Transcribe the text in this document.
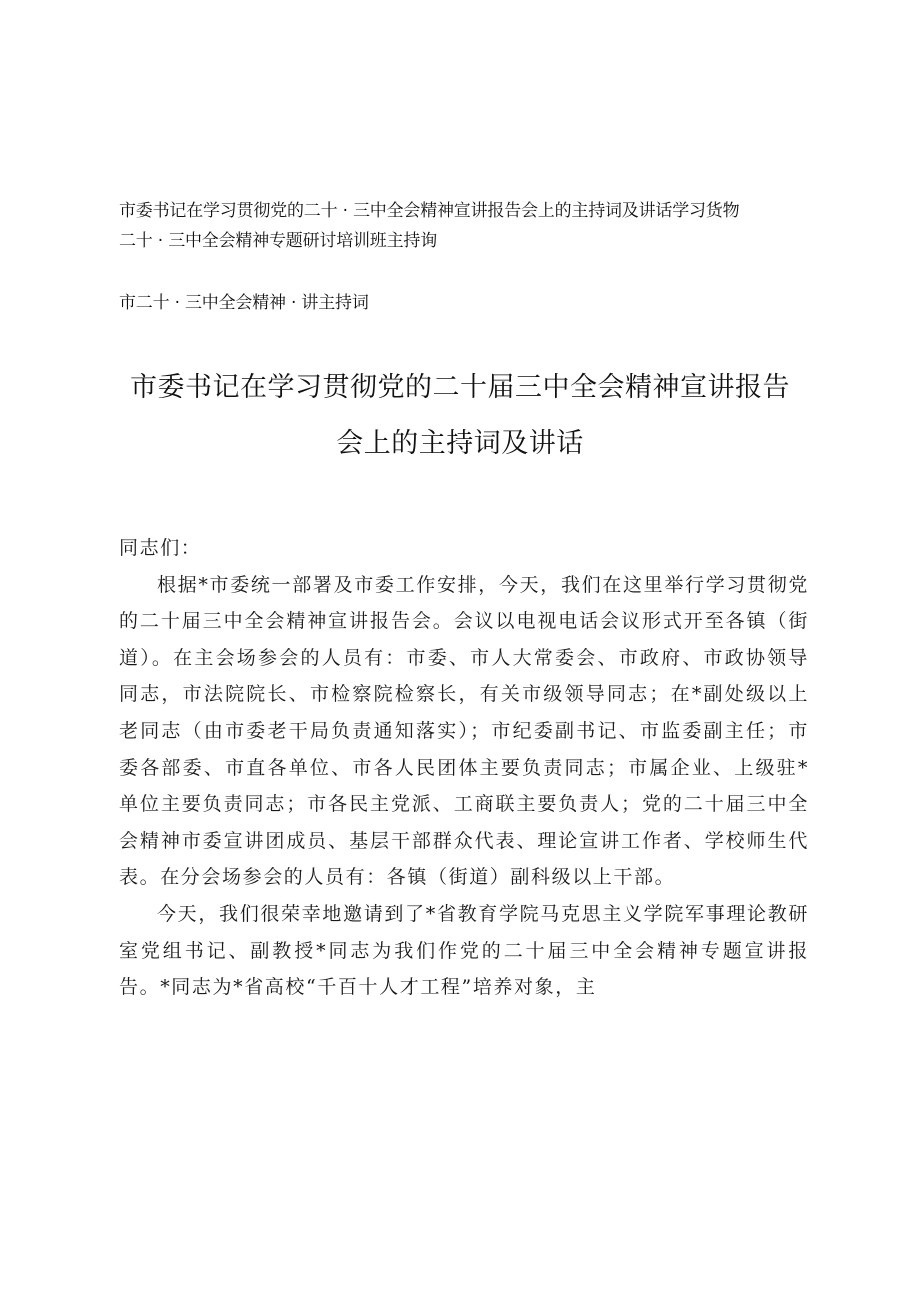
市委书记在学习贯彻党的二十 · 三中全会精神宣讲报告会上的主持词及讲话学习货物
二十 · 三中全会精神专题研讨培训班主持询
市二十 · 三中全会精神 · 讲主持词
市委书记在学习贯彻党的二十届三中全会精神宣讲报告
会上的主持词及讲话

同志们：

根据*市委统一部署及市委工作安排，今天，我们在这里举行学习贯彻党的二十届三中全会精神宣讲报告会。会议以电视电话会议形式开至各镇（街道）。在主会场参会的人员有：市委、市人大常委会、市政府、市政协领导同志，市法院院长、市检察院检察长，有关市级领导同志；在*副处级以上老同志（由市委老干局负责通知落实）；市纪委副书记、市监委副主任；市委各部委、市直各单位、市各人民团体主要负责同志；市属企业、上级驻*单位主要负责同志；市各民主党派、工商联主要负责人；党的二十届三中全会精神市委宣讲团成员、基层干部群众代表、理论宣讲工作者、学校师生代表。在分会场参会的人员有：各镇（街道）副科级以上干部。

今天，我们很荣幸地邀请到了*省教育学院马克思主义学院军事理论教研室党组书记、副教授*同志为我们作党的二十届三中全会精神专题宣讲报告。*同志为*省高校“千百十人才工程”培养对象，主
